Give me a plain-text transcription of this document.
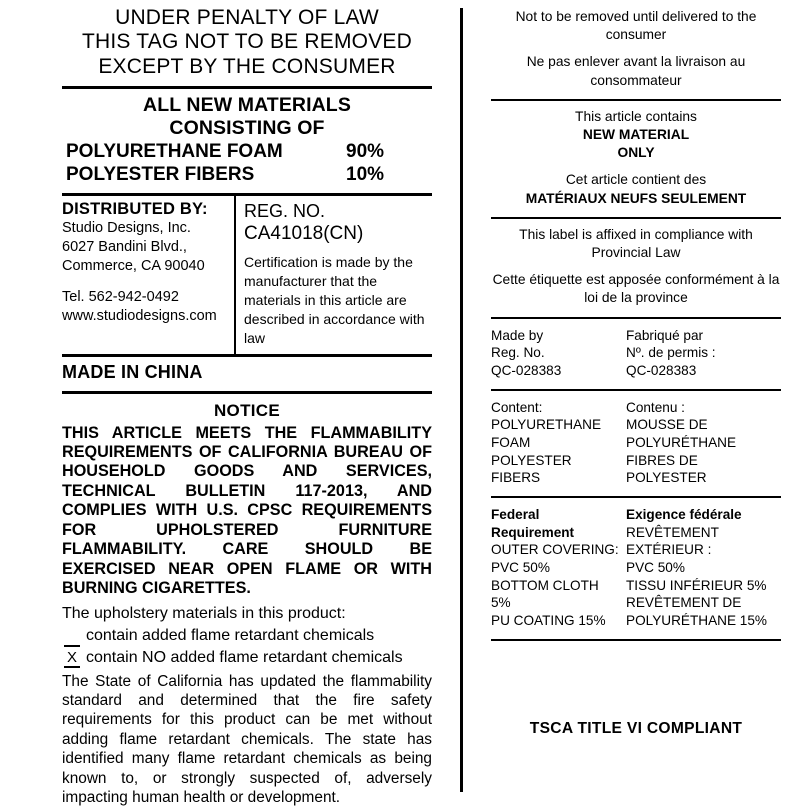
UNDER PENALTY OF LAW
THIS TAG NOT TO BE REMOVED
EXCEPT BY THE CONSUMER
ALL NEW MATERIALS
CONSISTING OF
POLYURETHANE FOAM	90%
POLYESTER FIBERS	10%
DISTRIBUTED BY:
Studio Designs, Inc.
6027 Bandini Blvd.,
Commerce, CA 90040
Tel. 562-942-0492
www.studiodesigns.com
REG. NO.
CA41018(CN)
Certification is made by the manufacturer that the materials in this article are described in accordance with law
MADE IN CHINA
NOTICE
THIS ARTICLE MEETS THE FLAMMABILITY REQUIREMENTS OF CALIFORNIA BUREAU OF HOUSEHOLD GOODS AND SERVICES, TECHNICAL BULLETIN 117-2013, AND COMPLIES WITH U.S. CPSC REQUIREMENTS FOR UPHOLSTERED FURNITURE FLAMMABILITY. CARE SHOULD BE EXERCISED NEAR OPEN FLAME OR WITH BURNING CIGARETTES.
The upholstery materials in this product:

contain added flame retardant chemicals
X contain NO added flame retardant chemicals
The State of California has updated the flammability standard and determined that the fire safety requirements for this product can be met without adding flame retardant chemicals. The state has identified many flame retardant chemicals as being known to, or strongly suspected of, adversely impacting human health or development.
Not to be removed until delivered to the consumer
Ne pas enlever avant la livraison au consommateur
This article contains
NEW MATERIAL
ONLY
Cet article contient des
MATÉRIAUX NEUFS SEULEMENT
This label is affixed in compliance with Provincial Law
Cette étiquette est apposée conformément à la loi de la province
Made by
Reg. No.
QC-028383
Fabriqué par
Nº. de permis :
QC-028383
Content:
POLYURETHANE FOAM
POLYESTER FIBERS
Contenu :
MOUSSE DE POLYURÉTHANE
FIBRES DE POLYESTER
Federal Requirement
OUTER COVERING:
PVC 50%
BOTTOM CLOTH 5%
PU COATING 15%
Exigence fédérale
REVÊTEMENT EXTÉRIEUR :
PVC 50%
TISSU INFÉRIEUR 5%
REVÊTEMENT DE
POLYURÉTHANE 15%
TSCA TITLE VI COMPLIANT
